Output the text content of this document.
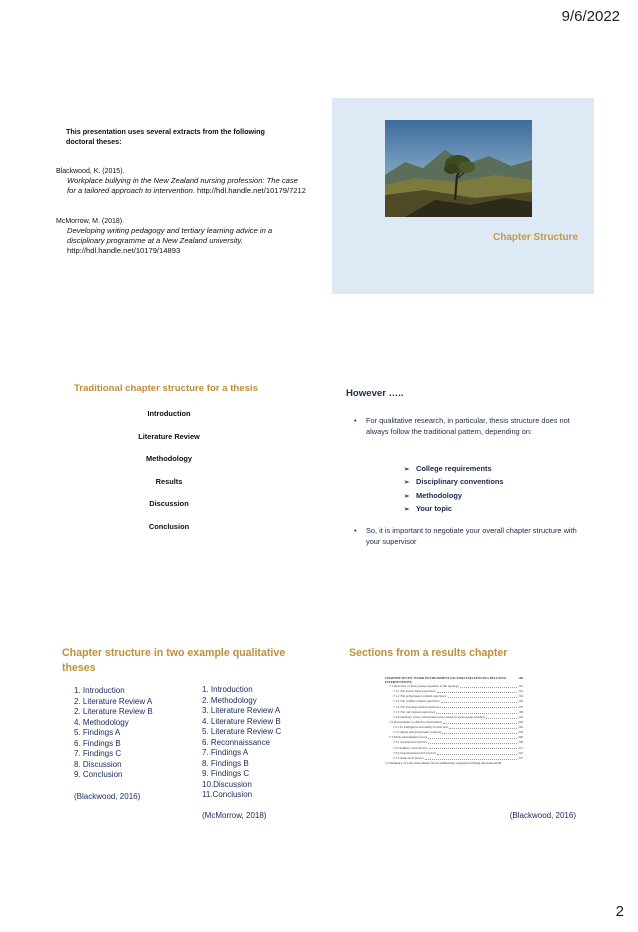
9/6/2022
This presentation uses several extracts from the following doctoral theses:
Blackwood, K. (2015).
Workplace bullying in the New Zealand nursing profession: The case for a tailored approach to intervention. http://hdl.handle.net/10179/7212
McMorrow, M. (2018).
Developing writing pedagogy and tertiary learning advice in a disciplinary programme at a New Zealand university. http://hdl.handle.net/10179/14893
Chapter Structure
Traditional chapter structure for a thesis
Introduction
Literature Review
Methodology
Results
Discussion
Conclusion
However …..
• For qualitative research, in particular, thesis structure does not always follow the traditional pattern, depending on:
➢ College requirements
➢ Disciplinary conventions
➢ Methodology
➢ Your topic
• So, it is important to negotiate your overall chapter structure with your supervisor
Chapter structure in two example qualitative theses
1. Introduction
2. Literature Review A
2. Literature Review B
4. Methodology
5. Findings A
6. Findings B
7. Findings C
8. Discussion
9. Conclusion
(Blackwood, 2016)
1. Introduction
2. Methodology
3. Literature Review A
4. Literature Review B
5. Literature Review C
6. Reconnaissance
7. Findings A
8. Findings B
9. Findings C
10.Discussion
11.Conclusion
(McMorrow, 2018)
Sections from a results chapter
190
CHAPTER SEVEN: WORK ENVIRONMENT FACTORS INFLUENCING BULLYING INTERVENTIONS
7.1 Overview of focus group responses to the typology	191
7.1.1 The known bully experience	191
7.1.2 The performance-related experience	194
7.1.3 The conflict-related experience	195
7.1.4 The learning-related experience	197
7.1.5 The role-related experience	199
7.1.6 Summary of key intervention areas raised by focus group members	201
7.2 Prerequisites to effective intervention	202
7.2.1 In willingness and ability to intervene	202
7.2.2 Target and perpetrator response	204
7.3 Work environment factors	206
7.3.1 Societal-level factors	206
7.3.2 Industry-level factors	211
7.3.3 Organisational-level factors	219
7.3.4 Team-level factors	227
7.4 Summary of work environment factors influencing workplace bullying intervention 230
(Blackwood, 2016)
2
